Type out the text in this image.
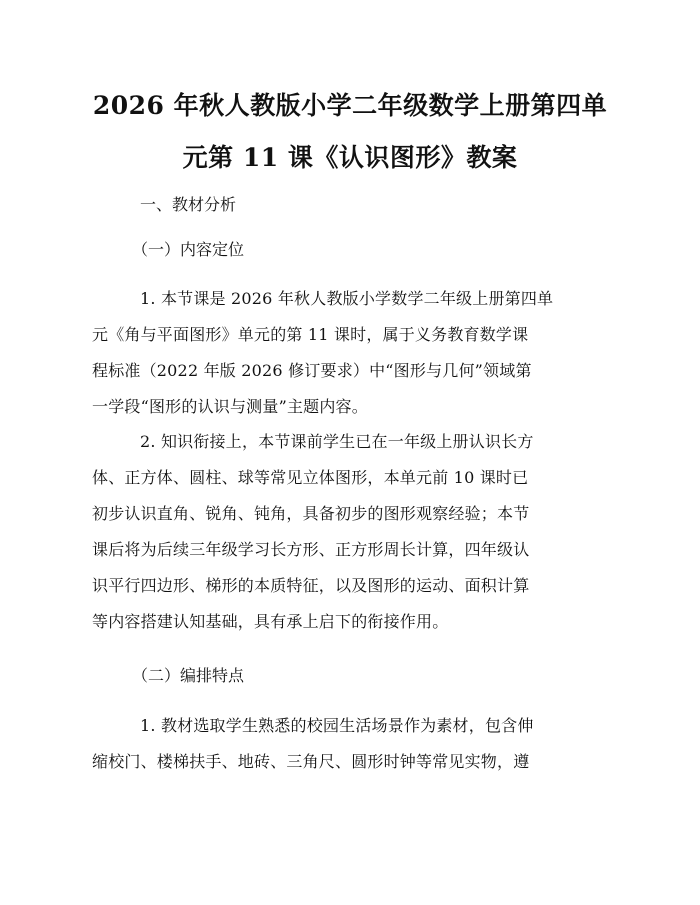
2026 年秋人教版小学二年级数学上册第四单
元第 11 课《认识图形》教案
一、教材分析
（一）内容定位
1. 本节课是 2026 年秋人教版小学数学二年级上册第四单
元《角与平面图形》单元的第 11 课时，属于义务教育数学课
程标准（2022 年版 2026 修订要求）中“图形与几何”领域第
一学段“图形的认识与测量”主题内容。
2. 知识衔接上，本节课前学生已在一年级上册认识长方
体、正方体、圆柱、球等常见立体图形，本单元前 10 课时已
初步认识直角、锐角、钝角，具备初步的图形观察经验；本节
课后将为后续三年级学习长方形、正方形周长计算，四年级认
识平行四边形、梯形的本质特征，以及图形的运动、面积计算
等内容搭建认知基础，具有承上启下的衔接作用。
（二）编排特点
1. 教材选取学生熟悉的校园生活场景作为素材，包含伸
缩校门、楼梯扶手、地砖、三角尺、圆形时钟等常见实物，遵
